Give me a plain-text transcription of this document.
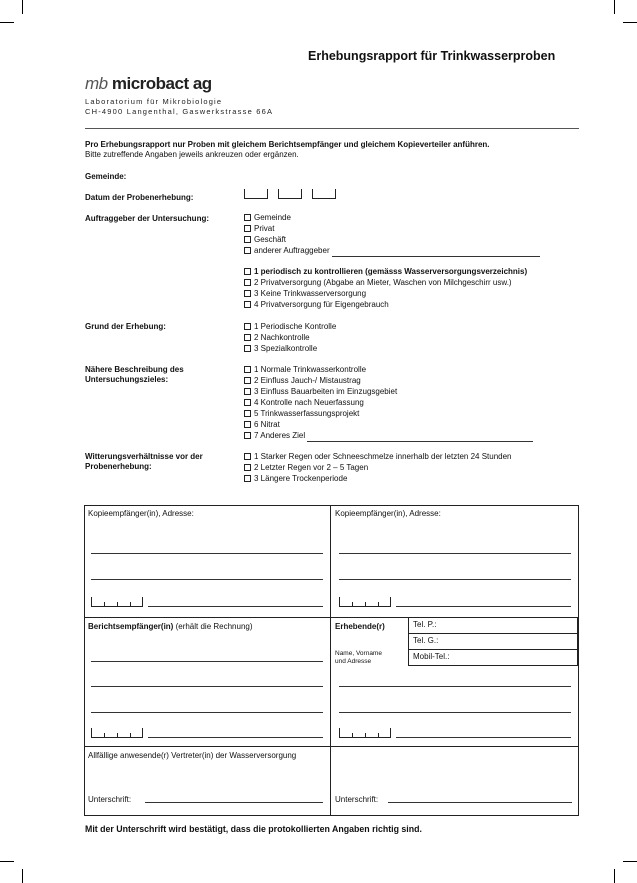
Erhebungsrapport für Trinkwasserproben
mb microbact ag
Laboratorium für Mikrobiologie
CH-4900 Langenthal, Gaswerkstrasse 66A
Pro Erhebungsrapport nur Proben mit gleichem Berichtsempfänger und gleichem Kopieverteiler anführen.
Bitte zutreffende Angaben jeweils ankreuzen oder ergänzen.
Gemeinde:
Datum der Probenerhebung:
Auftraggeber der Untersuchung:	Gemeinde
Privat
Geschäft
anderer Auftraggeber
1 periodisch zu kontrollieren (gemässs Wasserversorgungsverzeichnis)
2 Privatversorgung (Abgabe an Mieter, Waschen von Milchgeschirr usw.)
3 Keine Trinkwasserversorgung
4 Privatversorgung für Eigengebrauch
Grund der Erhebung:	1 Periodische Kontrolle
2 Nachkontrolle
3 Spezialkontrolle
Nähere Beschreibung des
Untersuchungszieles:
1 Normale Trinkwasserkontrolle
2 Einfluss Jauch-/ Mistaustrag
3 Einfluss Bauarbeiten im Einzugsgebiet
4 Kontrolle nach Neuerfassung
5 Trinkwasserfassungsprojekt
6 Nitrat
7 Anderes Ziel
Witterungsverhältnisse vor der
Probenerhebung:
1 Starker Regen oder Schneeschmelze innerhalb der letzten 24 Stunden
2 Letzter Regen vor 2 – 5 Tagen
3 Längere Trockenperiode
Kopieempfänger(in), Adresse:	Kopieempfänger(in), Adresse:
Berichtsempfänger(in) (erhält die Rechnung)	Erhebende(r)
Name, Vorname
und Adresse
Tel. P.:
Tel. G.:
Mobil-Tel.:
Allfällige anwesende(r) Vertreter(in) der Wasserversorgung
Unterschrift:	Unterschrift:
Mit der Unterschrift wird bestätigt, dass die protokollierten Angaben richtig sind.
